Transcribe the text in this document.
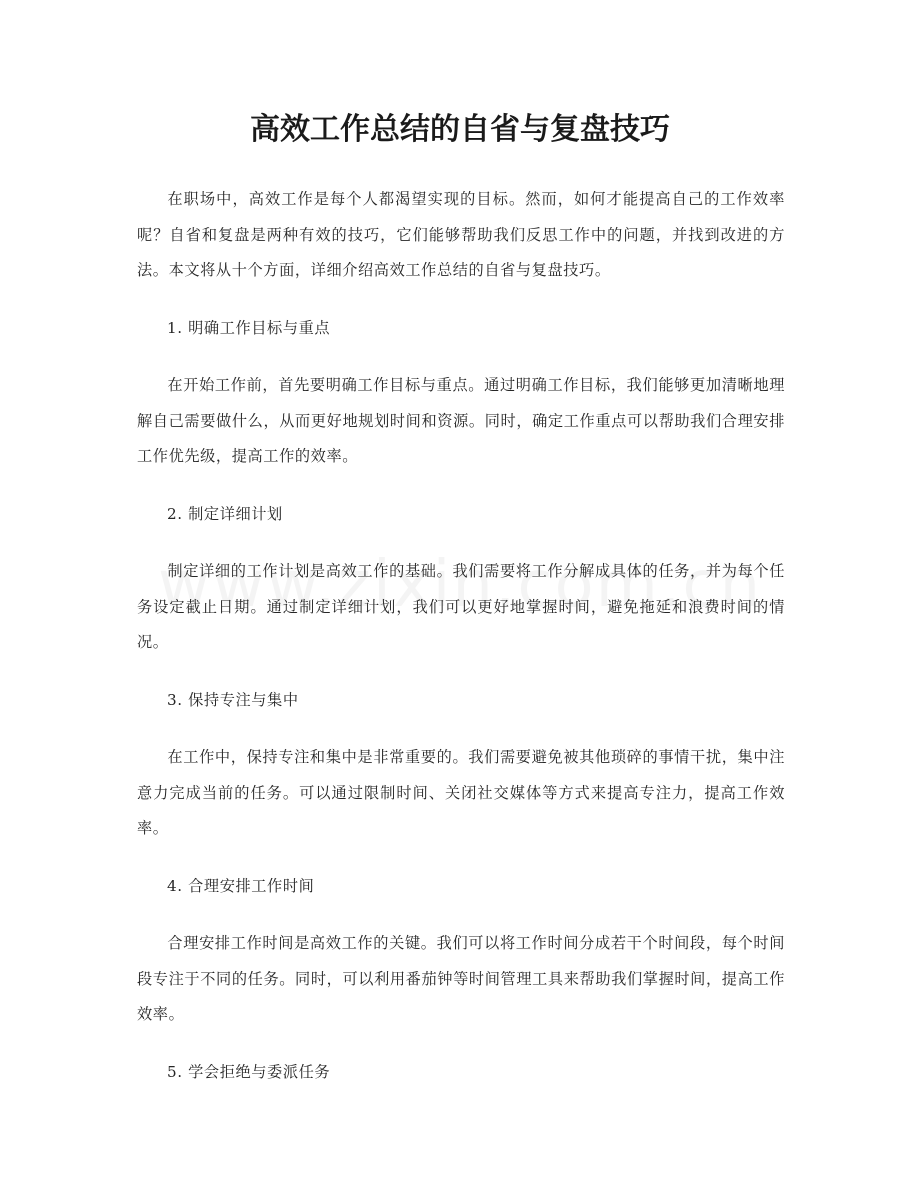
高效工作总结的自省与复盘技巧

在职场中，高效工作是每个人都渴望实现的目标。然而，如何才能提高自己的工作效率呢？自省和复盘是两种有效的技巧，它们能够帮助我们反思工作中的问题，并找到改进的方法。本文将从十个方面，详细介绍高效工作总结的自省与复盘技巧。

1. 明确工作目标与重点

在开始工作前，首先要明确工作目标与重点。通过明确工作目标，我们能够更加清晰地理解自己需要做什么，从而更好地规划时间和资源。同时，确定工作重点可以帮助我们合理安排工作优先级，提高工作的效率。

2. 制定详细计划

制定详细的工作计划是高效工作的基础。我们需要将工作分解成具体的任务，并为每个任务设定截止日期。通过制定详细计划，我们可以更好地掌握时间，避免拖延和浪费时间的情况。

3. 保持专注与集中

在工作中，保持专注和集中是非常重要的。我们需要避免被其他琐碎的事情干扰，集中注意力完成当前的任务。可以通过限制时间、关闭社交媒体等方式来提高专注力，提高工作效率。

4. 合理安排工作时间

合理安排工作时间是高效工作的关键。我们可以将工作时间分成若干个时间段，每个时间段专注于不同的任务。同时，可以利用番茄钟等时间管理工具来帮助我们掌握时间，提高工作效率。

5. 学会拒绝与委派任务
